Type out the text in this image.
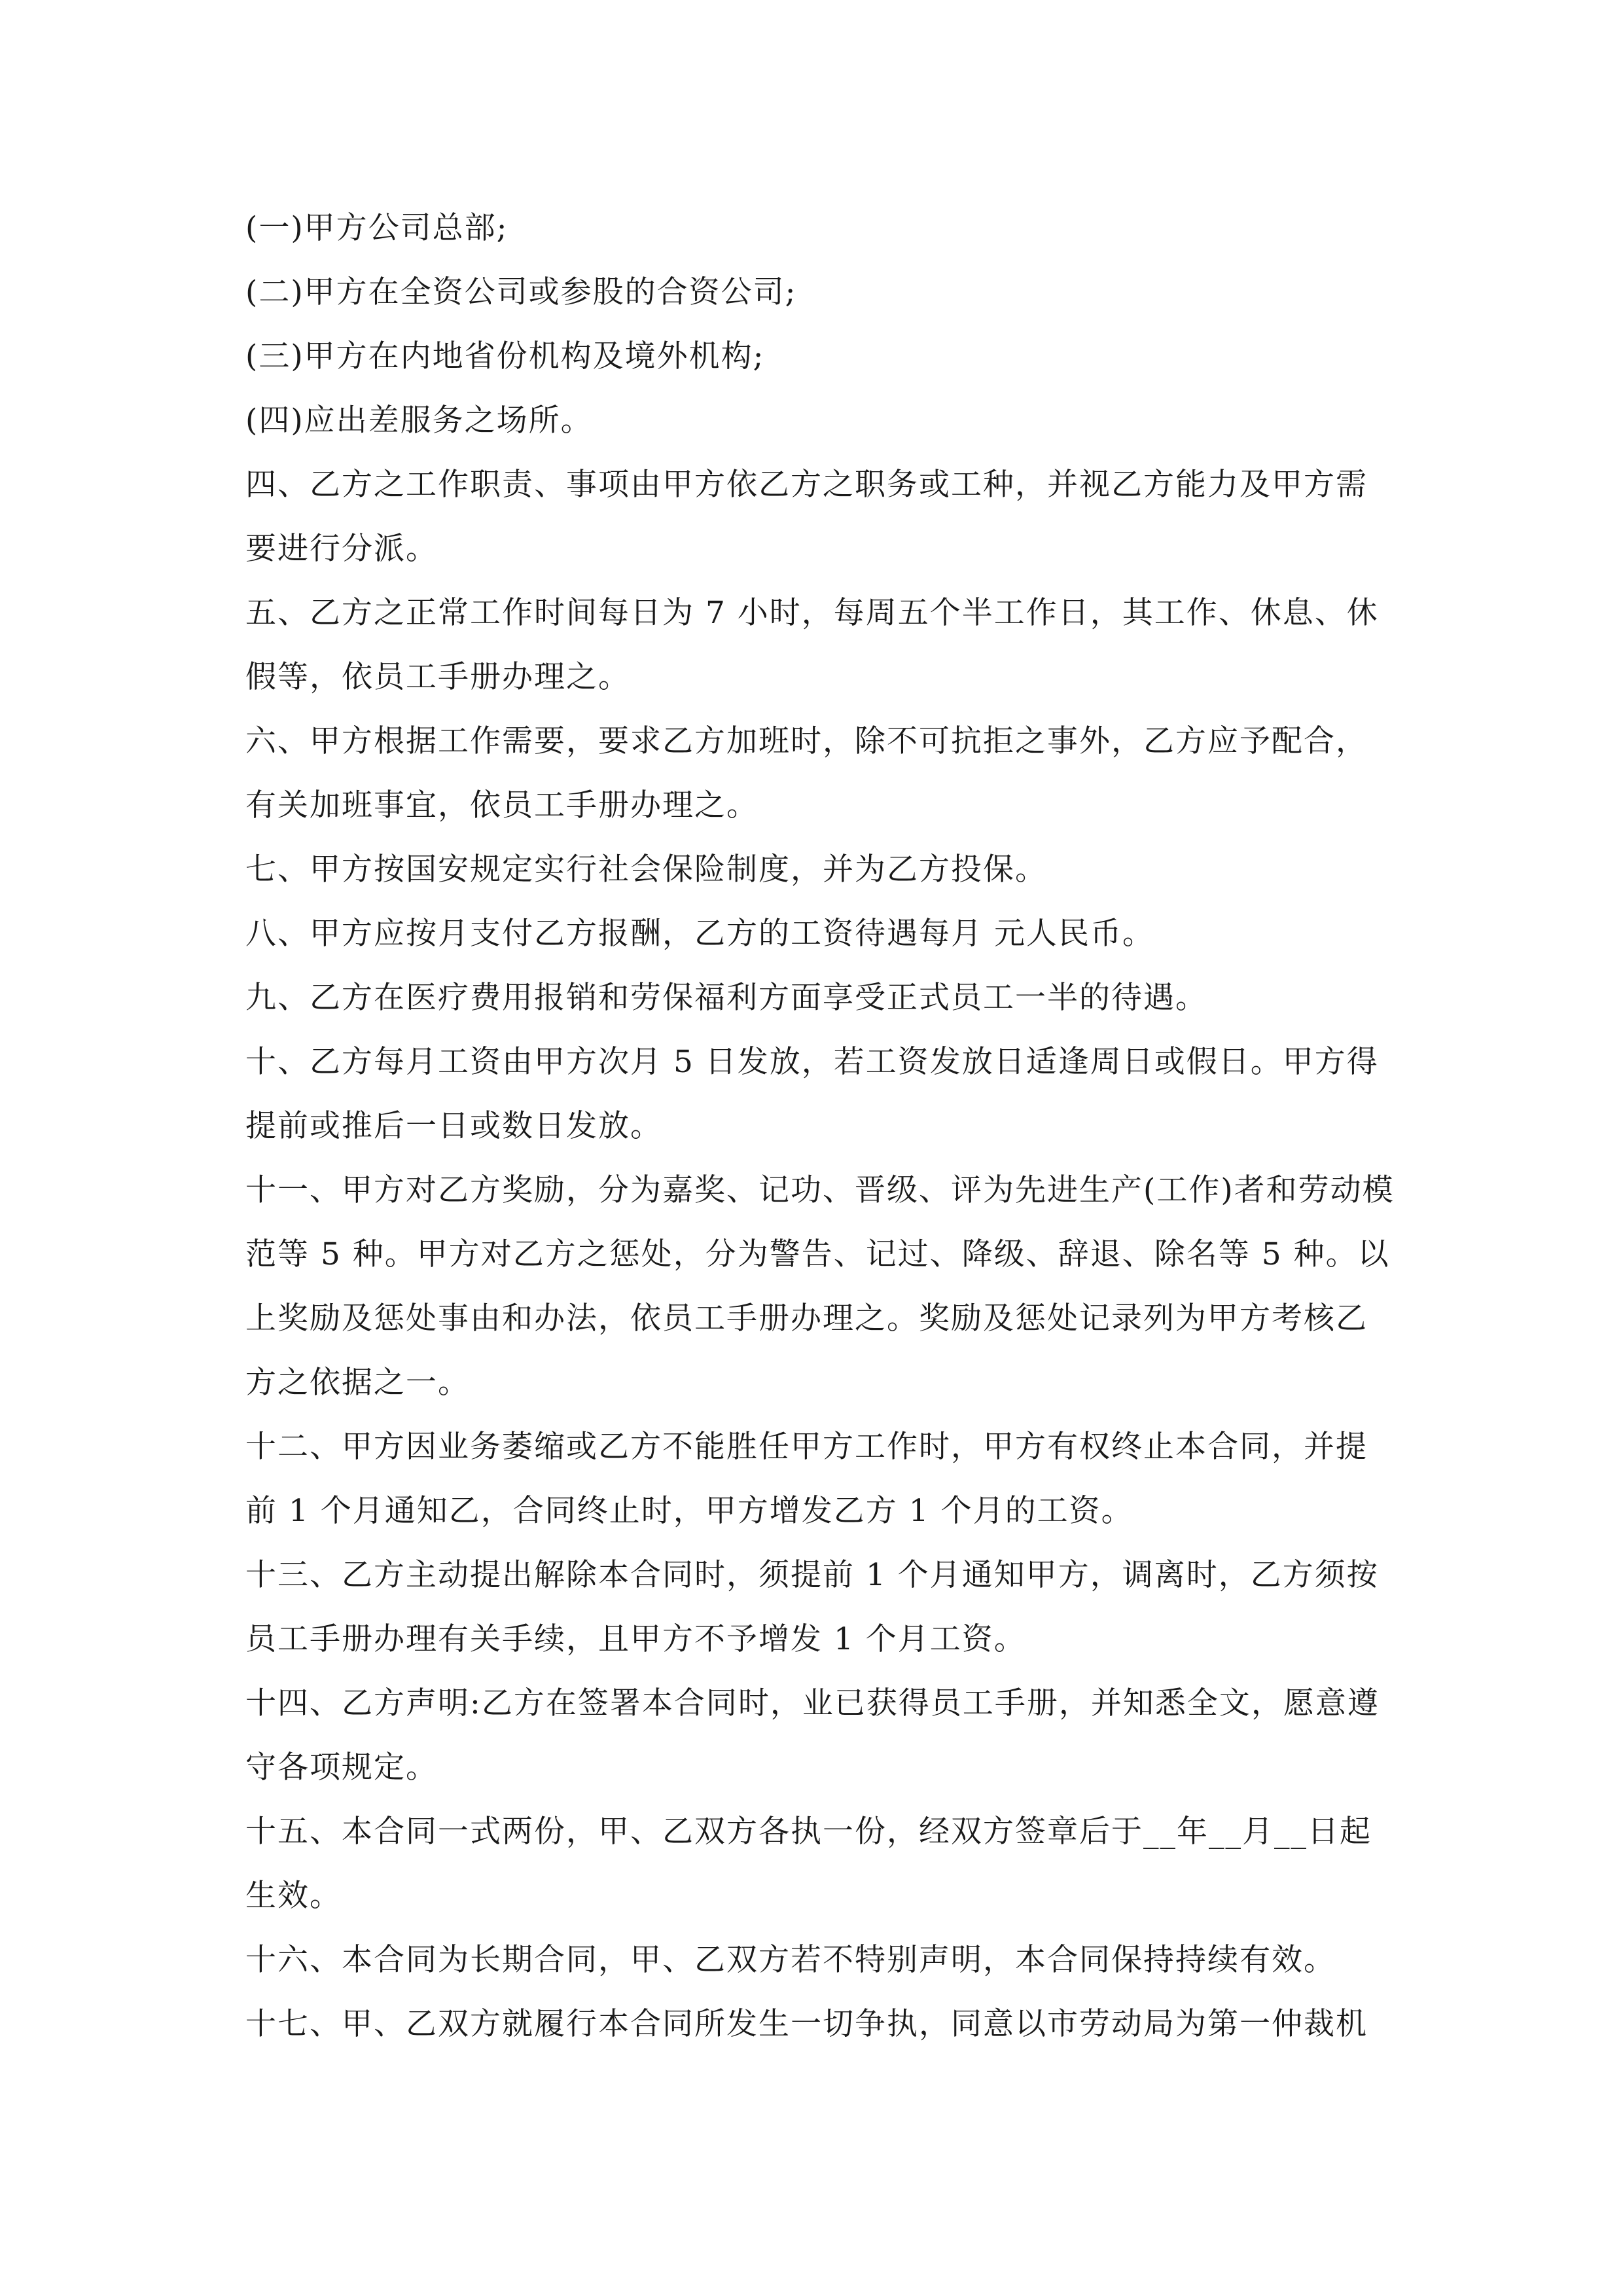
(一)甲方公司总部;

(二)甲方在全资公司或参股的合资公司;

(三)甲方在内地省份机构及境外机构;

(四)应出差服务之场所。

四、乙方之工作职责、事项由甲方依乙方之职务或工种，并视乙方能力及甲方需要进行分派。

五、乙方之正常工作时间每日为 7 小时，每周五个半工作日，其工作、休息、休假等，依员工手册办理之。

六、甲方根据工作需要，要求乙方加班时，除不可抗拒之事外，乙方应予配合，有关加班事宜，依员工手册办理之。

七、甲方按国安规定实行社会保险制度，并为乙方投保。

八、甲方应按月支付乙方报酬，乙方的工资待遇每月 元人民币。

九、乙方在医疗费用报销和劳保福利方面享受正式员工一半的待遇。

十、乙方每月工资由甲方次月 5 日发放，若工资发放日适逢周日或假日。甲方得提前或推后一日或数日发放。

十一、甲方对乙方奖励，分为嘉奖、记功、晋级、评为先进生产(工作)者和劳动模范等 5 种。甲方对乙方之惩处，分为警告、记过、降级、辞退、除名等 5 种。以上奖励及惩处事由和办法，依员工手册办理之。奖励及惩处记录列为甲方考核乙方之依据之一。

十二、甲方因业务萎缩或乙方不能胜任甲方工作时，甲方有权终止本合同，并提前 1 个月通知乙，合同终止时，甲方增发乙方 1 个月的工资。

十三、乙方主动提出解除本合同时，须提前 1 个月通知甲方，调离时，乙方须按员工手册办理有关手续，且甲方不予增发 1 个月工资。

十四、乙方声明:乙方在签署本合同时，业已获得员工手册，并知悉全文，愿意遵守各项规定。

十五、本合同一式两份，甲、乙双方各执一份，经双方签章后于__年__月__日起生效。

十六、本合同为长期合同，甲、乙双方若不特别声明，本合同保持持续有效。

十七、甲、乙双方就履行本合同所发生一切争执，同意以市劳动局为第一仲裁机
